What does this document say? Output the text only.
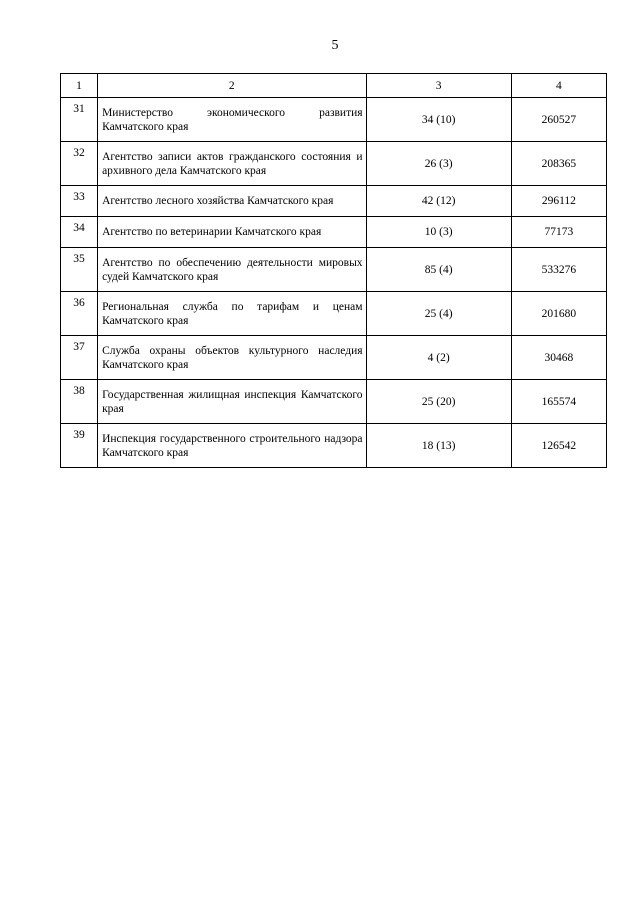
5
1	2	3	4
31	Министерство экономического развития Камчатского края	34 (10)	260527
32	Агентство записи актов гражданского состояния и архивного дела Камчатского края	26 (3)	208365
33	Агентство лесного хозяйства Камчатского края	42 (12)	296112
34	Агентство по ветеринарии Камчатского края	10 (3)	77173
35	Агентство по обеспечению деятельности мировых судей Камчатского края	85 (4)	533276
36	Региональная служба по тарифам и ценам Камчатского края	25 (4)	201680
37	Служба охраны объектов культурного наследия Камчатского края	4 (2)	30468
38	Государственная жилищная инспекция Камчатского края	25 (20)	165574
39	Инспекция государственного строительного надзора Камчатского края	18 (13)	126542
